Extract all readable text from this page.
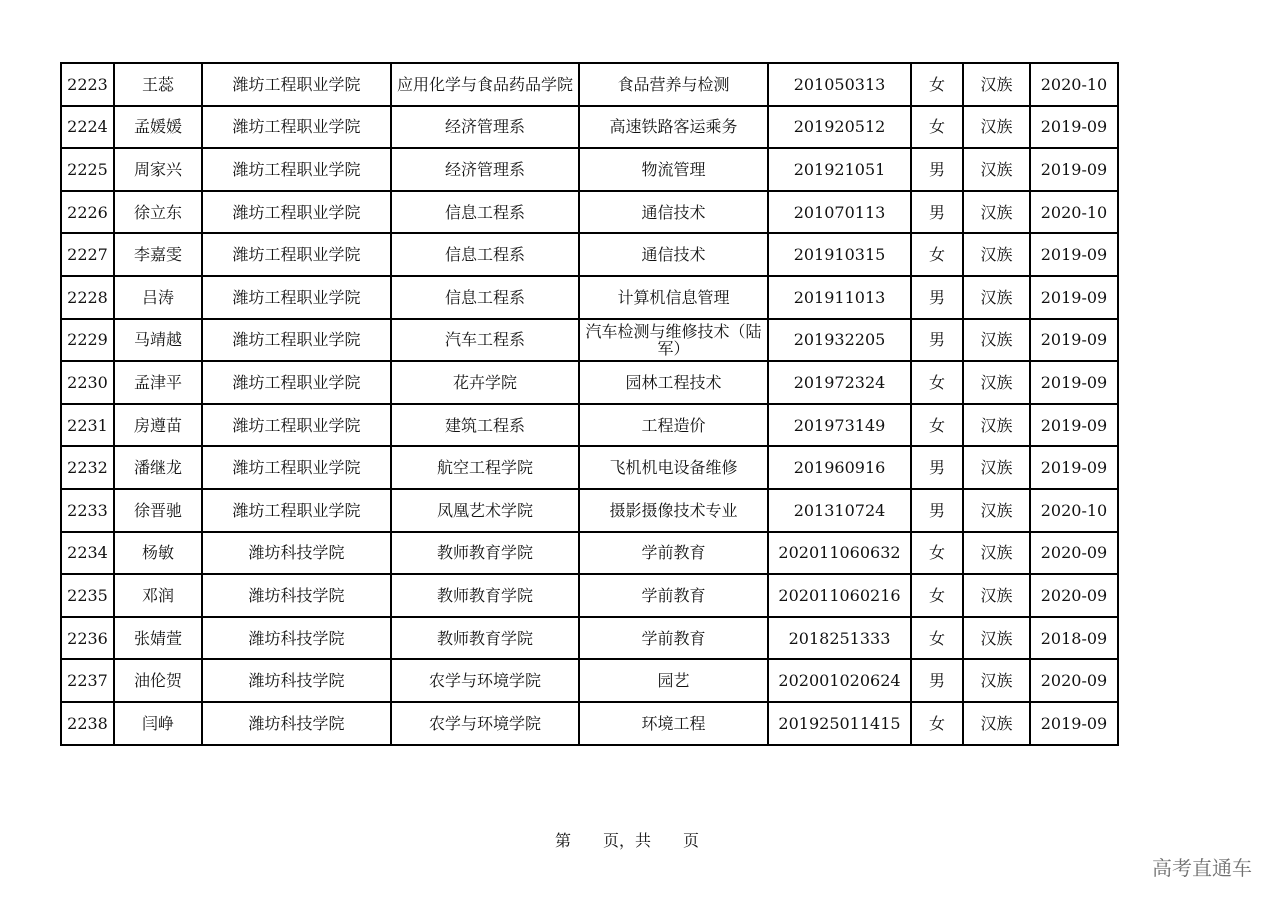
2223	王蕊	潍坊工程职业学院	应用化学与食品药品学院	食品营养与检测	201050313	女	汉族	2020-10
2224	孟媛媛	潍坊工程职业学院	经济管理系	高速铁路客运乘务	201920512	女	汉族	2019-09
2225	周家兴	潍坊工程职业学院	经济管理系	物流管理	201921051	男	汉族	2019-09
2226	徐立东	潍坊工程职业学院	信息工程系	通信技术	201070113	男	汉族	2020-10
2227	李嘉雯	潍坊工程职业学院	信息工程系	通信技术	201910315	女	汉族	2019-09
2228	吕涛	潍坊工程职业学院	信息工程系	计算机信息管理	201911013	男	汉族	2019-09
2229	马靖越	潍坊工程职业学院	汽车工程系	汽车检测与维修技术（陆军）	201932205	男	汉族	2019-09
2230	孟津平	潍坊工程职业学院	花卉学院	园林工程技术	201972324	女	汉族	2019-09
2231	房遵苗	潍坊工程职业学院	建筑工程系	工程造价	201973149	女	汉族	2019-09
2232	潘继龙	潍坊工程职业学院	航空工程学院	飞机机电设备维修	201960916	男	汉族	2019-09
2233	徐晋驰	潍坊工程职业学院	凤凰艺术学院	摄影摄像技术专业	201310724	男	汉族	2020-10
2234	杨敏	潍坊科技学院	教师教育学院	学前教育	202011060632	女	汉族	2020-09
2235	邓润	潍坊科技学院	教师教育学院	学前教育	202011060216	女	汉族	2020-09
2236	张婧萱	潍坊科技学院	教师教育学院	学前教育	2018251333	女	汉族	2018-09
2237	油伦贺	潍坊科技学院	农学与环境学院	园艺	202001020624	男	汉族	2020-09
2238	闫峥	潍坊科技学院	农学与环境学院	环境工程	201925011415	女	汉族	2019-09
第　　页，共　　页
高考直通车
